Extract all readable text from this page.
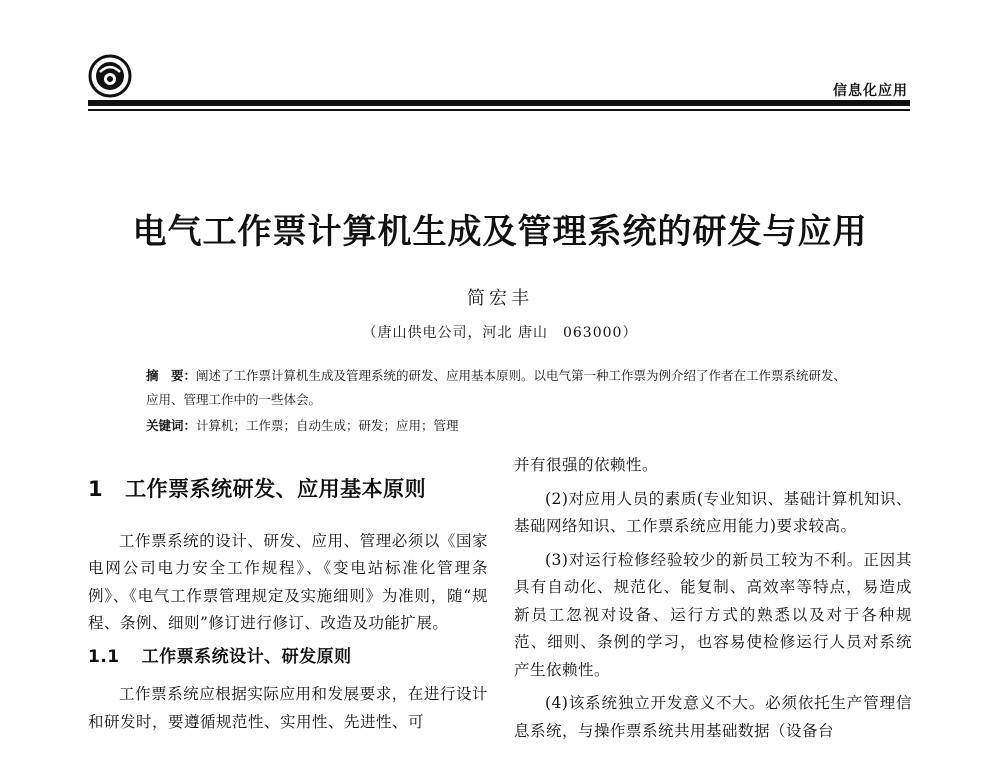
信息化应用
电气工作票计算机生成及管理系统的研发与应用
简宏丰
（唐山供电公司，河北 唐山　063000）
摘　要：阐述了工作票计算机生成及管理系统的研发、应用基本原则。以电气第一种工作票为例介绍了作者在工作票系统研发、应用、管理工作中的一些体会。
关键词：计算机；工作票；自动生成；研发；应用；管理
1 工作票系统研发、应用基本原则

工作票系统的设计、研发、应用、管理必须以《国家电网公司电力安全工作规程》、《变电站标准化管理条例》、《电气工作票管理规定及实施细则》为准则，随“规程、条例、细则”修订进行修订、改造及功能扩展。

1.1 工作票系统设计、研发原则

工作票系统应根据实际应用和发展要求，在进行设计和研发时，要遵循规范性、实用性、先进性、可

并有很强的依赖性。

(2)对应用人员的素质(专业知识、基础计算机知识、基础网络知识、工作票系统应用能力)要求较高。

(3)对运行检修经验较少的新员工较为不利。正因其具有自动化、规范化、能复制、高效率等特点，易造成新员工忽视对设备、运行方式的熟悉以及对于各种规范、细则、条例的学习，也容易使检修运行人员对系统产生依赖性。

(4)该系统独立开发意义不大。必须依托生产管理信息系统，与操作票系统共用基础数据（设备台
